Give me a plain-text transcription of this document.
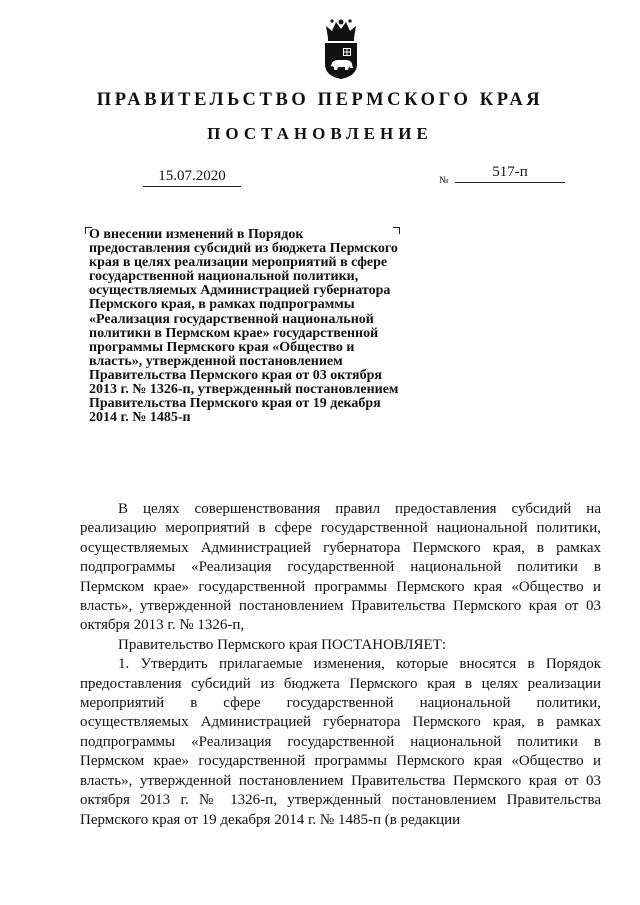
ПРАВИТЕЛЬСТВО ПЕРМСКОГО КРАЯ
ПОСТАНОВЛЕНИЕ
15.07.2020	№
517-п

О внесении изменений в Порядок предоставления субсидий из бюджета Пермского края в целях реализации мероприятий в сфере государственной национальной политики, осуществляемых Администрацией губернатора Пермского края, в рамках подпрограммы «Реализация государственной национальной политики в Пермском крае» государственной программы Пермского края «Общество и власть», утвержденной постановлением Правительства Пермского края от 03 октября 2013 г. № 1326-п, утвержденный постановлением Правительства Пермского края от 19 декабря 2014 г. № 1485-п

В целях совершенствования правил предоставления субсидий на реализацию мероприятий в сфере государственной национальной политики, осуществляемых Администрацией губернатора Пермского края, в рамках подпрограммы «Реализация государственной национальной политики в Пермском крае» государственной программы Пермского края «Общество и власть», утвержденной постановлением Правительства Пермского края от 03 октября 2013 г. № 1326-п,

Правительство Пермского края ПОСТАНОВЛЯЕТ:

1. Утвердить прилагаемые изменения, которые вносятся в Порядок предоставления субсидий из бюджета Пермского края в целях реализации мероприятий в сфере государственной национальной политики, осуществляемых Администрацией губернатора Пермского края, в рамках подпрограммы «Реализация государственной национальной политики в Пермском крае» государственной программы Пермского края «Общество и власть», утвержденной постановлением Правительства Пермского края от 03 октября 2013 г. № 1326-п, утвержденный постановлением Правительства Пермского края от 19 декабря 2014 г. № 1485-п (в редакции
